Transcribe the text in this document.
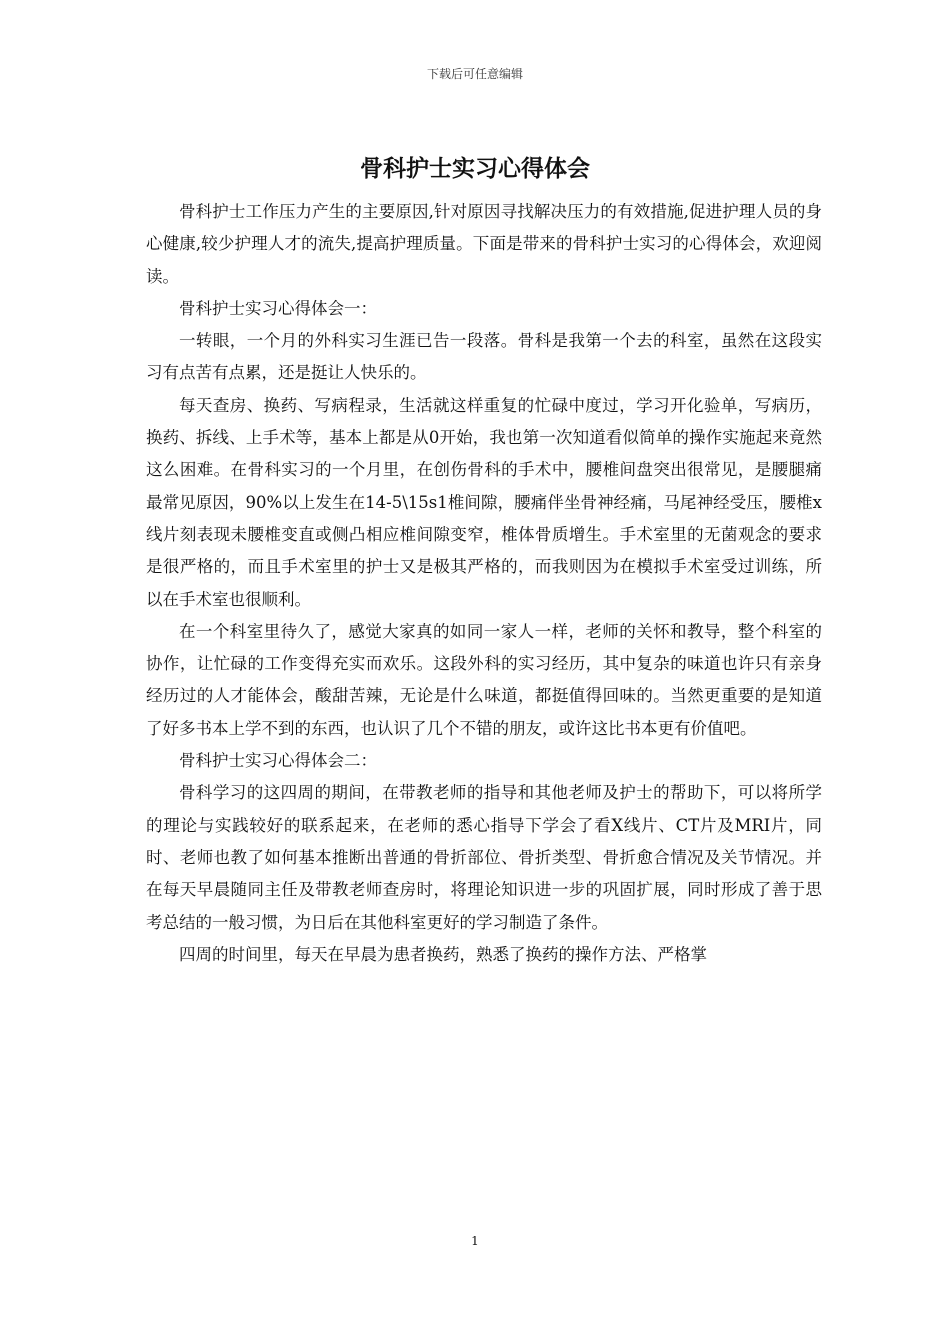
下载后可任意编辑
骨科护士实习心得体会

骨科护士工作压力产生的主要原因,针对原因寻找解决压力的有效措施,促进护理人员的身心健康,较少护理人才的流失,提高护理质量。下面是带来的骨科护士实习的心得体会，欢迎阅读。

骨科护士实习心得体会一：

一转眼，一个月的外科实习生涯已告一段落。骨科是我第一个去的科室，虽然在这段实习有点苦有点累，还是挺让人快乐的。

每天查房、换药、写病程录，生活就这样重复的忙碌中度过，学习开化验单，写病历，换药、拆线、上手术等，基本上都是从0开始，我也第一次知道看似简单的操作实施起来竟然这么困难。在骨科实习的一个月里，在创伤骨科的手术中，腰椎间盘突出很常见，是腰腿痛最常见原因，90%以上发生在14-5\15s1椎间隙，腰痛伴坐骨神经痛，马尾神经受压，腰椎x线片刻表现未腰椎变直或侧凸相应椎间隙变窄，椎体骨质增生。手术室里的无菌观念的要求是很严格的，而且手术室里的护士又是极其严格的，而我则因为在模拟手术室受过训练，所以在手术室也很顺利。

在一个科室里待久了，感觉大家真的如同一家人一样，老师的关怀和教导，整个科室的协作，让忙碌的工作变得充实而欢乐。这段外科的实习经历，其中复杂的味道也许只有亲身经历过的人才能体会，酸甜苦辣，无论是什么味道，都挺值得回味的。当然更重要的是知道了好多书本上学不到的东西，也认识了几个不错的朋友，或许这比书本更有价值吧。

骨科护士实习心得体会二：

骨科学习的这四周的期间，在带教老师的指导和其他老师及护士的帮助下，可以将所学的理论与实践较好的联系起来，在老师的悉心指导下学会了看X线片、CT片及MRI片，同时、老师也教了如何基本推断出普通的骨折部位、骨折类型、骨折愈合情况及关节情况。并在每天早晨随同主任及带教老师查房时，将理论知识进一步的巩固扩展，同时形成了善于思考总结的一般习惯，为日后在其他科室更好的学习制造了条件。

四周的时间里，每天在早晨为患者换药，熟悉了换药的操作方法、严格掌

1
